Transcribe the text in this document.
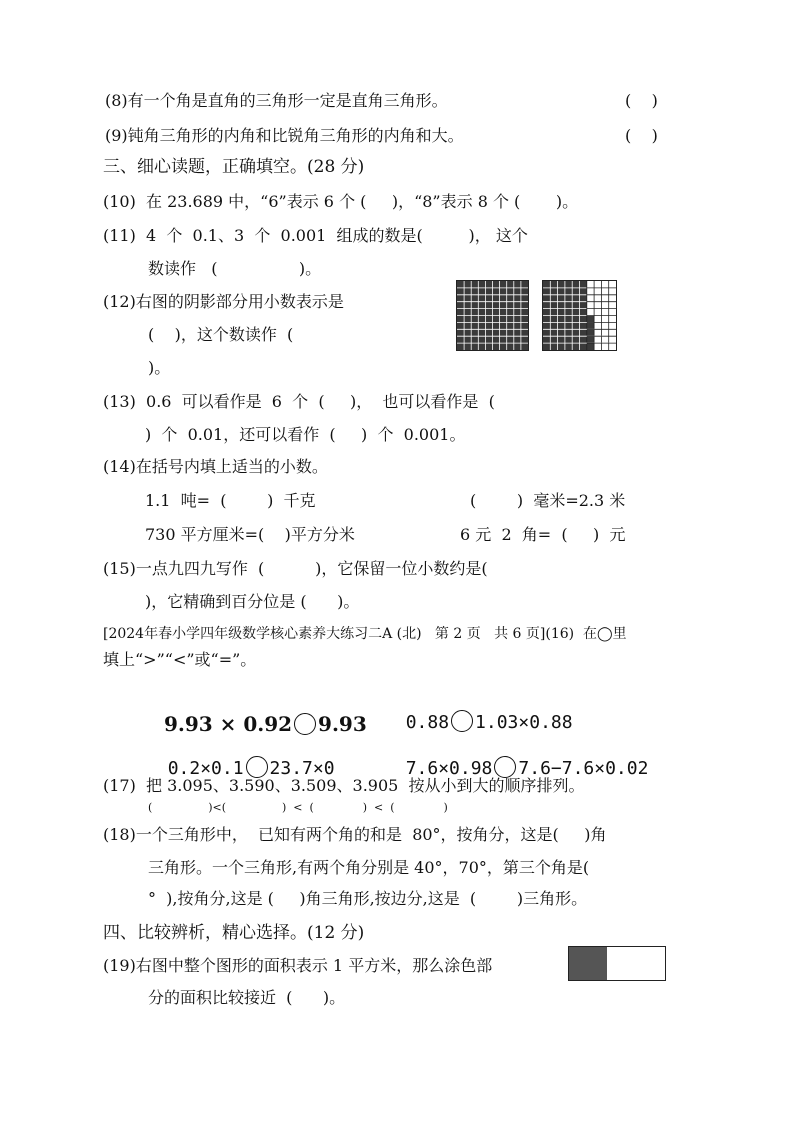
(8)有一个角是直角的三角形一定是直角三角形。	(    )
(9)钝角三角形的内角和比锐角三角形的内角和大。	(    )
三、细心读题，正确填空。(28 分)
(10)  在 23.689 中，“6”表示 6 个 (     )，“8”表示 8 个 (       )。
(11)  4  个  0.1、3  个  0.001  组成的数是(         )， 这个
数读作   (                )。
(12)右图的阴影部分用小数表示是
(    )，这个数读作  (
)。
(13)  0.6  可以看作是  6  个  (     )，  也可以看作是  (
)  个  0.01，还可以看作  (     )  个  0.001。
(14)在括号内填上适当的小数。
1.1  吨=  (        )  千克	(        )  毫米=2.3 米
730 平方厘米=(    )平方分米	6 元  2  角=  (     )  元
(15)一点九四九写作  (          )，它保留一位小数约是(
)，它精确到百分位是 (      )。
[2024年春小学四年级数学核心素养大练习二A (北)   第 2 页   共 6 页](16)  在◯里
填上“>”“<”或“=”。

9.93 × 0.92 9.93	0.88 1.03×0.88

0.2×0.1 23.7×0	7.6×0.98 7.6−7.6×0.02

(17)  把 3.095、3.590、3.509、3.905  按从小到大的顺序排列。
(                )<(                )  <  (              )  <  (              )
(18)一个三角形中，  已知有两个角的和是  80°，按角分，这是(     )角
三角形。一个三角形,有两个角分别是 40°，70°，第三个角是(
°  ),按角分,这是 (     )角三角形,按边分,这是  (        )三角形。
四、比较辨析，精心选择。(12 分)
(19)右图中整个图形的面积表示 1 平方米，那么涂色部
分的面积比较接近  (      )。
